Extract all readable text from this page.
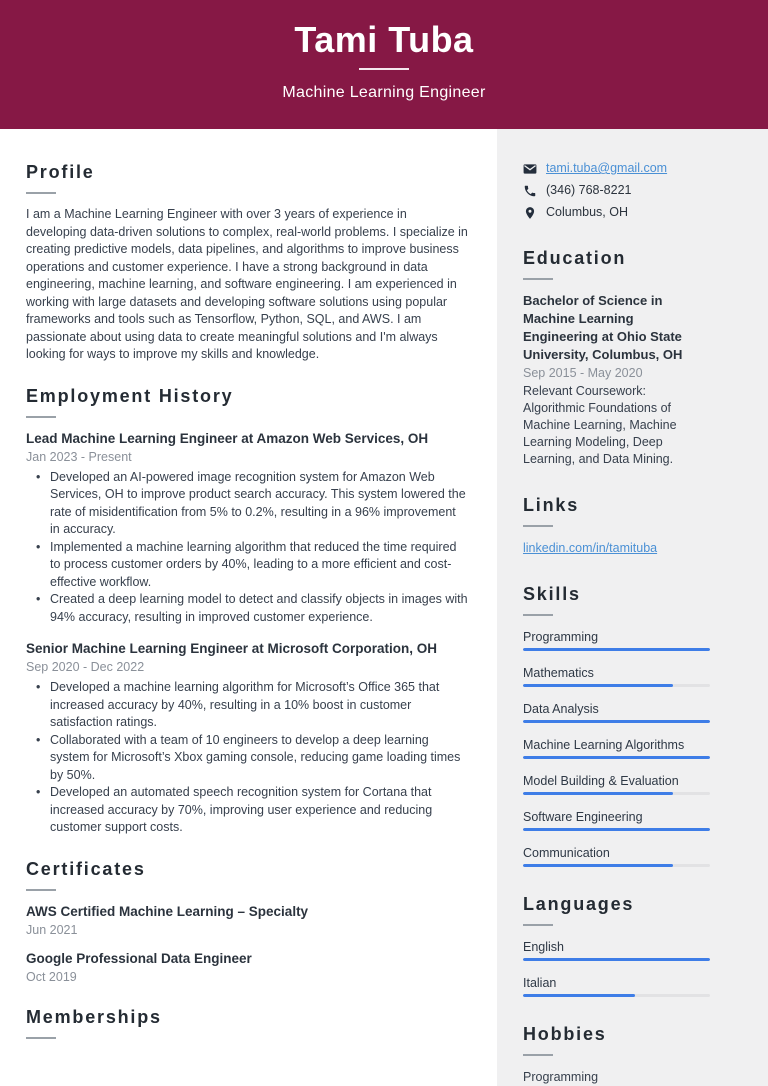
Tami Tuba
Machine Learning Engineer
Profile
I am a Machine Learning Engineer with over 3 years of experience in developing data-driven solutions to complex, real-world problems. I specialize in creating predictive models, data pipelines, and algorithms to improve business operations and customer experience. I have a strong background in data engineering, machine learning, and software engineering. I am experienced in working with large datasets and developing software solutions using popular frameworks and tools such as Tensorflow, Python, SQL, and AWS. I am passionate about using data to create meaningful solutions and I'm always looking for ways to improve my skills and knowledge.
Employment History
Lead Machine Learning Engineer at Amazon Web Services, OH
Jan 2023 - Present
• Developed an AI-powered image recognition system for Amazon Web Services, OH to improve product search accuracy. This system lowered the rate of misidentification from 5% to 0.2%, resulting in a 96% improvement in accuracy.
• Implemented a machine learning algorithm that reduced the time required to process customer orders by 40%, leading to a more efficient and cost-effective workflow.
• Created a deep learning model to detect and classify objects in images with 94% accuracy, resulting in improved customer experience.
Senior Machine Learning Engineer at Microsoft Corporation, OH
Sep 2020 - Dec 2022
• Developed a machine learning algorithm for Microsoft’s Office 365 that increased accuracy by 40%, resulting in a 10% boost in customer satisfaction ratings.
• Collaborated with a team of 10 engineers to develop a deep learning system for Microsoft’s Xbox gaming console, reducing game loading times by 50%.
• Developed an automated speech recognition system for Cortana that increased accuracy by 70%, improving user experience and reducing customer support costs.
Certificates
AWS Certified Machine Learning – Specialty
Jun 2021
Google Professional Data Engineer
Oct 2019
Memberships
tami.tuba@gmail.com
(346) 768-8221
Columbus, OH
Education
Bachelor of Science in Machine Learning Engineering at Ohio State University, Columbus, OH
Sep 2015 - May 2020
Relevant Coursework: Algorithmic Foundations of Machine Learning, Machine Learning Modeling, Deep Learning, and Data Mining.
Links
linkedin.com/in/tamituba
Skills
Programming
Mathematics
Data Analysis
Machine Learning Algorithms
Model Building & Evaluation
Software Engineering
Communication
Languages
English
Italian
Hobbies
Programming
